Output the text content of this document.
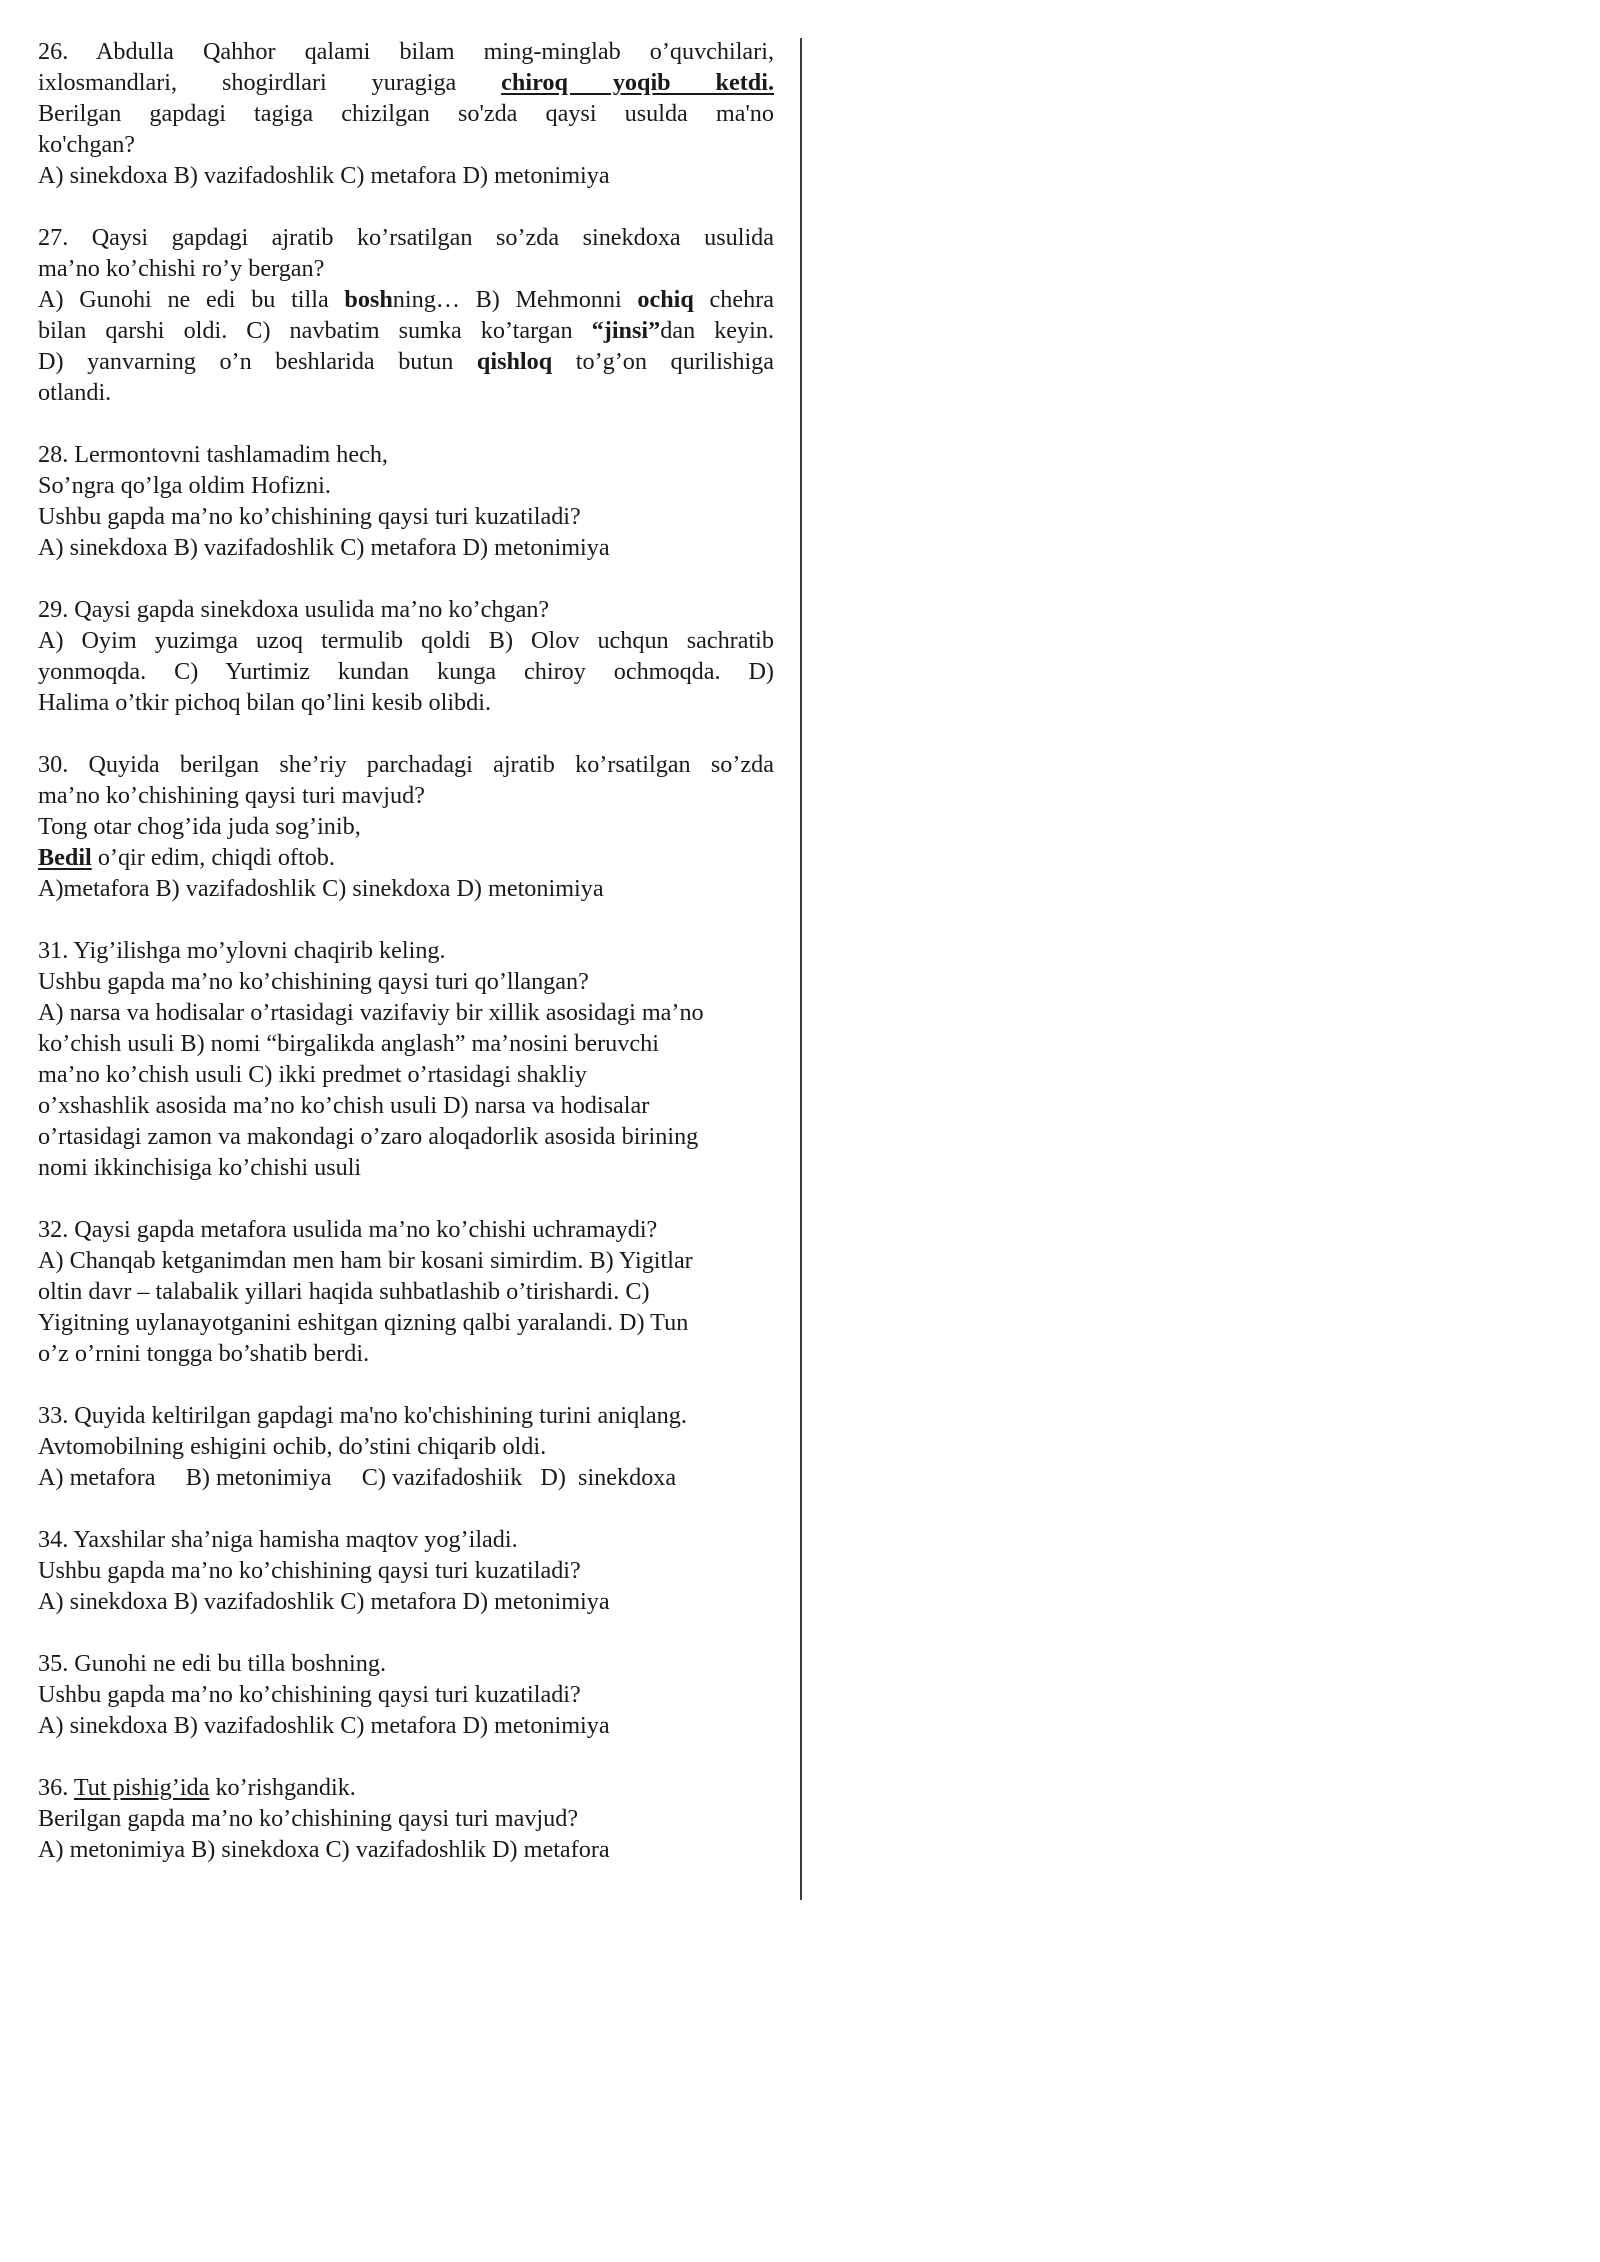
26. Abdulla Qahhor qalami bilam ming-minglab o’quvchilari,
ixlosmandlari, shogirdlari yuragiga chiroq yoqib ketdi.
Berilgan gapdagi tagiga chizilgan so'zda qaysi usulda ma'no
ko'chgan?
A) sinekdoxa B) vazifadoshlik C) metafora D) metonimiya
27. Qaysi gapdagi ajratib ko’rsatilgan so’zda sinekdoxa usulida
ma’no ko’chishi ro’y bergan?
A) Gunohi ne edi bu tilla boshning… B) Mehmonni ochiq chehra
bilan qarshi oldi. C) navbatim sumka ko’targan “jinsi”dan keyin.
D) yanvarning o’n beshlarida butun qishloq to’g’on qurilishiga
otlandi.
28. Lermontovni tashlamadim hech,
So’ngra qo’lga oldim Hofizni.
Ushbu gapda ma’no ko’chishining qaysi turi kuzatiladi?
A) sinekdoxa B) vazifadoshlik C) metafora D) metonimiya
29. Qaysi gapda sinekdoxa usulida ma’no ko’chgan?
A) Oyim yuzimga uzoq termulib qoldi B) Olov uchqun sachratib
yonmoqda. C) Yurtimiz kundan kunga chiroy ochmoqda. D)
Halima o’tkir pichoq bilan qo’lini kesib olibdi.
30. Quyida berilgan she’riy parchadagi ajratib ko’rsatilgan so’zda
ma’no ko’chishining qaysi turi mavjud?
Tong otar chog’ida juda sog’inib,
Bedil o’qir edim, chiqdi oftob.
A)metafora B) vazifadoshlik C) sinekdoxa D) metonimiya
31. Yig’ilishga mo’ylovni chaqirib keling.
Ushbu gapda ma’no ko’chishining qaysi turi qo’llangan?
A) narsa va hodisalar o’rtasidagi vazifaviy bir xillik asosidagi ma’no
ko’chish usuli B) nomi “birgalikda anglash” ma’nosini beruvchi
ma’no ko’chish usuli C) ikki predmet o’rtasidagi shakliy
o’xshashlik asosida ma’no ko’chish usuli D) narsa va hodisalar
o’rtasidagi zamon va makondagi o’zaro aloqadorlik asosida birining
nomi ikkinchisiga ko’chishi usuli
32. Qaysi gapda metafora usulida ma’no ko’chishi uchramaydi?
A) Chanqab ketganimdan men ham bir kosani simirdim. B) Yigitlar
oltin davr – talabalik yillari haqida suhbatlashib o’tirishardi. C)
Yigitning uylanayotganini eshitgan qizning qalbi yaralandi. D) Tun
o’z o’rnini tongga bo’shatib berdi.
33. Quyida keltirilgan gapdagi ma'no ko'chishining turini aniqlang.
Avtomobilning eshigini ochib, do’stini chiqarib oldi.
A) metafora     B) metonimiya     C) vazifadoshiik   D)  sinekdoxa
34. Yaxshilar sha’niga hamisha maqtov yog’iladi.
Ushbu gapda ma’no ko’chishining qaysi turi kuzatiladi?
A) sinekdoxa B) vazifadoshlik C) metafora D) metonimiya
35. Gunohi ne edi bu tilla boshning.
Ushbu gapda ma’no ko’chishining qaysi turi kuzatiladi?
A) sinekdoxa B) vazifadoshlik C) metafora D) metonimiya
36. Tut pishig’ida ko’rishgandik.
Berilgan gapda ma’no ko’chishining qaysi turi mavjud?
A) metonimiya B) sinekdoxa C) vazifadoshlik D) metafora
